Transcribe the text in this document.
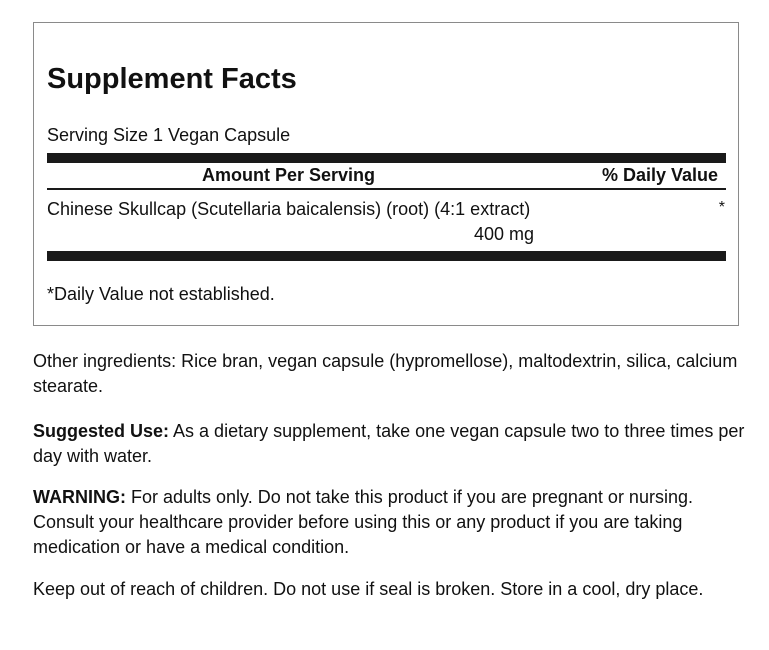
Supplement Facts
Serving Size 1 Vegan Capsule
Amount Per Serving	% Daily Value
Chinese Skullcap (Scutellaria baicalensis) (root) (4:1 extract)
400 mg
*
*Daily Value not established.

Other ingredients: Rice bran, vegan capsule (hypromellose), maltodextrin, silica, calcium stearate.

Suggested Use: As a dietary supplement, take one vegan capsule two to three times per day with water.

WARNING: For adults only. Do not take this product if you are pregnant or nursing. Consult your healthcare provider before using this or any product if you are taking medication or have a medical condition.

Keep out of reach of children. Do not use if seal is broken. Store in a cool, dry place.
